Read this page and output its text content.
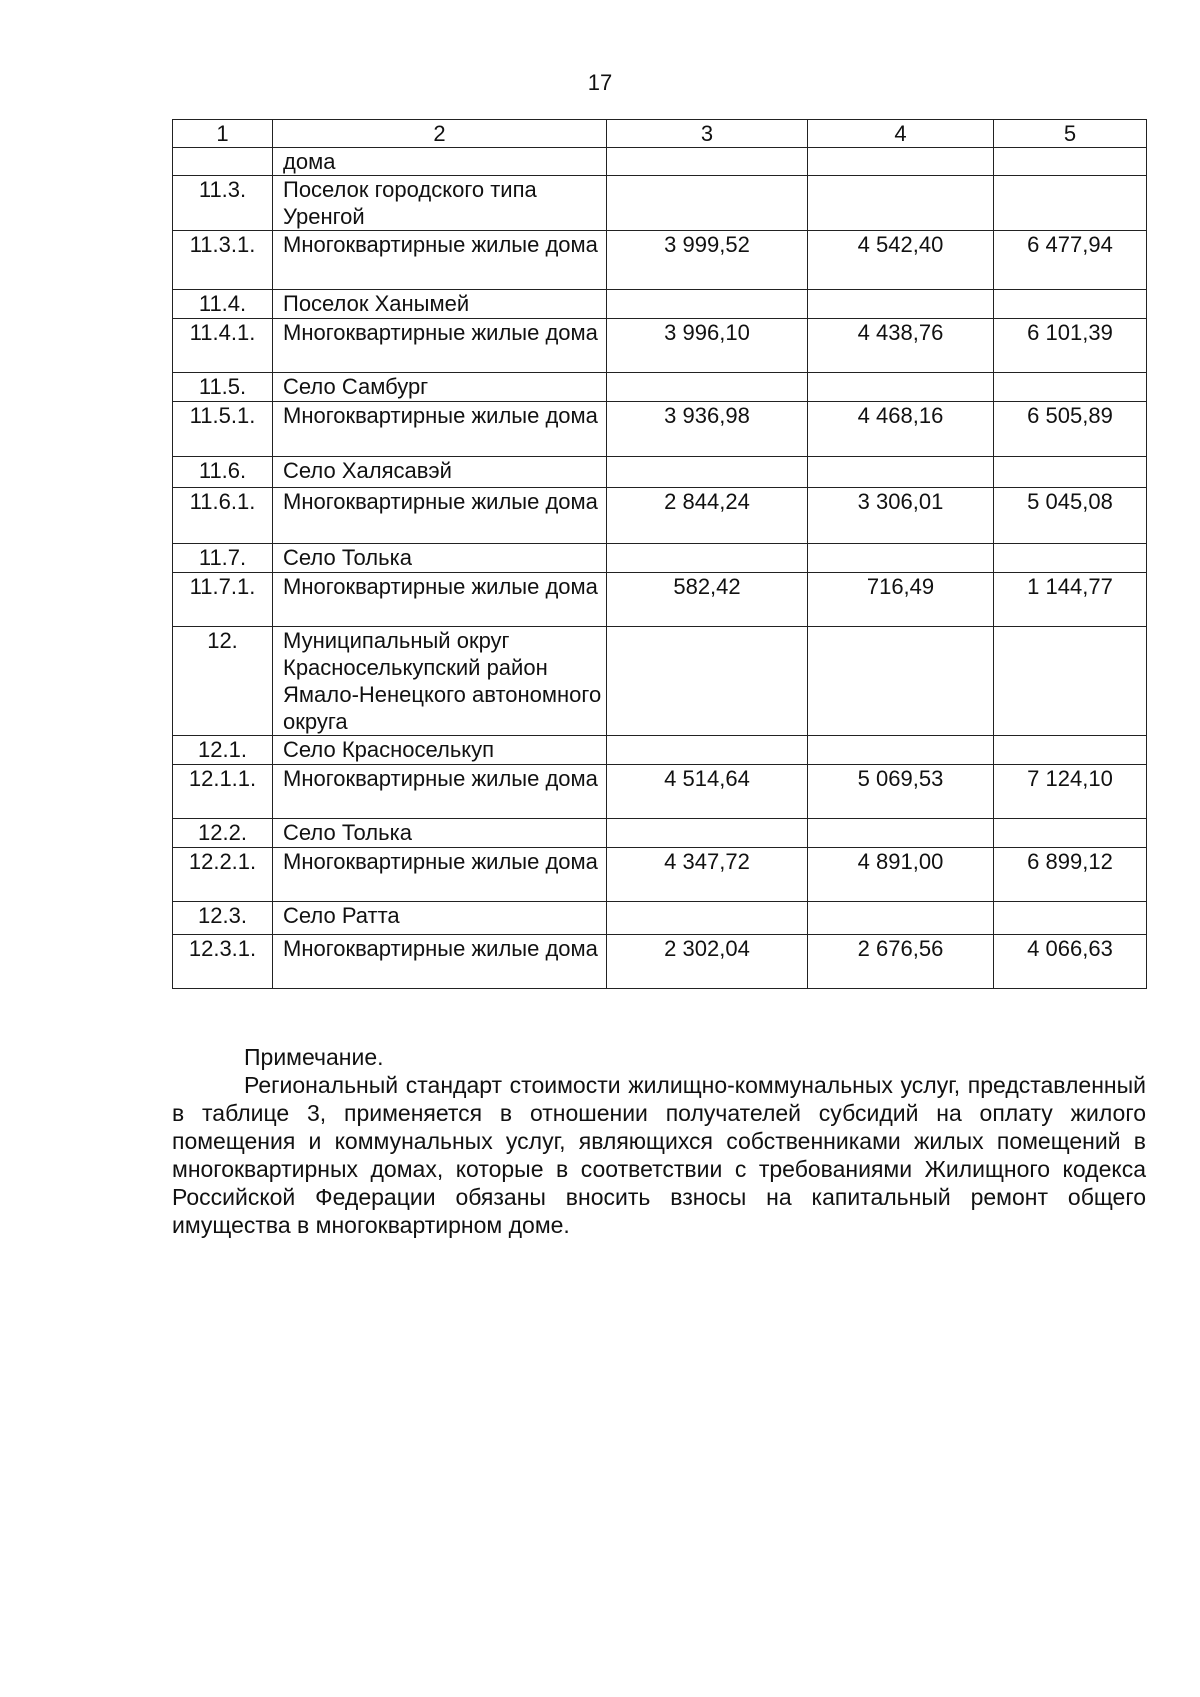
17
1	2	3	4	5
	дома			
11.3.	Поселок городского типа Уренгой			
11.3.1.	Многоквартирные жилые дома	3 999,52	4 542,40	6 477,94
11.4.	Поселок Ханымей			
11.4.1.	Многоквартирные жилые дома	3 996,10	4 438,76	6 101,39
11.5.	Село Самбург			
11.5.1.	Многоквартирные жилые дома	3 936,98	4 468,16	6 505,89
11.6.	Село Халясавэй			
11.6.1.	Многоквартирные жилые дома	2 844,24	3 306,01	5 045,08
11.7.	Село Толька			
11.7.1.	Многоквартирные жилые дома	582,42	716,49	1 144,77
12.	Муниципальный округ Красноселькупский район Ямало-Ненецкого автономного округа			
12.1.	Село Красноселькуп			
12.1.1.	Многоквартирные жилые дома	4 514,64	5 069,53	7 124,10
12.2.	Село Толька			
12.2.1.	Многоквартирные жилые дома	4 347,72	4 891,00	6 899,12
12.3.	Село Ратта			
12.3.1.	Многоквартирные жилые дома	2 302,04	2 676,56	4 066,63
Примечание.

Региональный стандарт стоимости жилищно-коммунальных услуг, представленный в таблице 3, применяется в отношении получателей субсидий на оплату жилого помещения и коммунальных услуг, являющихся собственниками жилых помещений в многоквартирных домах, которые в соответствии с требованиями Жилищного кодекса Российской Федерации обязаны вносить взносы на капитальный ремонт общего имущества в многоквартирном доме.
